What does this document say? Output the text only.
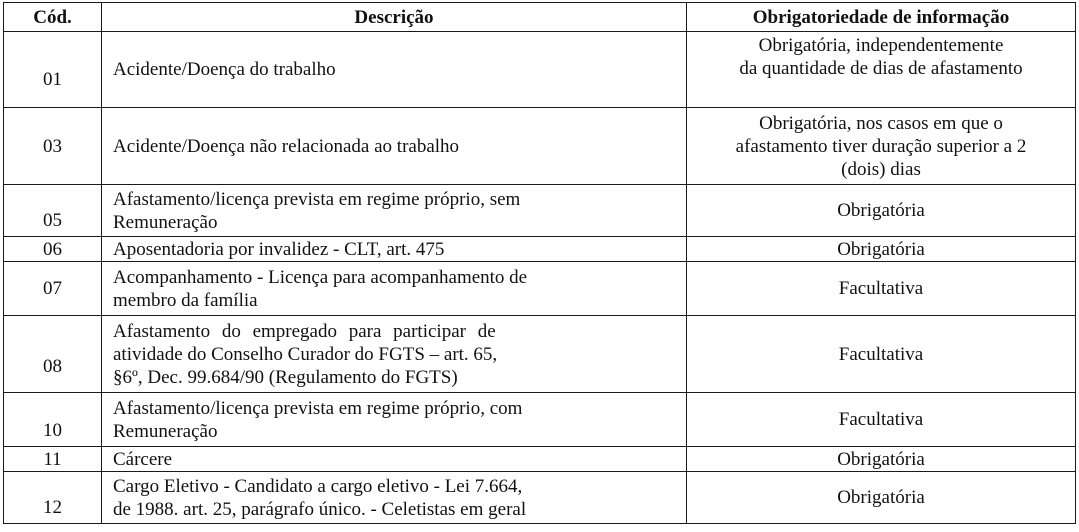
Cód.	Descrição	Obrigatoriedade de informação
01	Acidente/Doença do trabalho	Obrigatória, independentemente
da quantidade de dias de afastamento

03	Acidente/Doença não relacionada ao trabalho	Obrigatória, nos casos em que o
afastamento tiver duração superior a 2
(dois) dias

05	Afastamento/licença prevista em regime próprio, sem
Remuneração	Obrigatória

06	Aposentadoria por invalidez - CLT, art. 475	Obrigatória

07	Acompanhamento - Licença para acompanhamento de
membro da família	Facultativa

08	Afastamento do empregado para participar de
atividade do Conselho Curador do FGTS – art. 65,
§6º, Dec. 99.684/90 (Regulamento do FGTS)	Facultativa

10	Afastamento/licença prevista em regime próprio, com
Remuneração	Facultativa

11	Cárcere	Obrigatória

12	Cargo Eletivo - Candidato a cargo eletivo - Lei 7.664,
de 1988. art. 25, parágrafo único. - Celetistas em geral	Obrigatória
